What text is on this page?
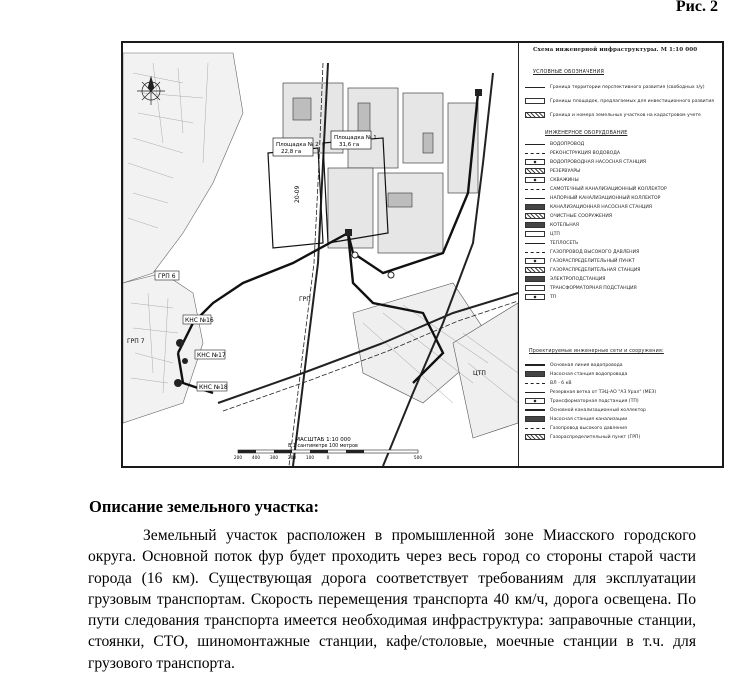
Рис. 2
Площадка № 2
22,8 га
Площадка № 1
31,6 га
ГРП 6
КНС №16
ГРП 7
КНС №17
КНС №18
ГРП
ЦТП
20-09
МАСШТАБ 1:10 000
В 1 сантиметре 100 метров
200 400 300 200 100	0	500
Схема инженерной инфраструктуры. М 1:10 000
УСЛОВНЫЕ ОБОЗНАЧЕНИЯ
Граница территории перспективного развития (свободных з/у)
Границы площадок, предлагаемых для инвестиционного развития
Граница и номера земельных участков на кадастровом учете
ИНЖЕНЕРНОЕ ОБОРУДОВАНИЕ
ВОДОПРОВОД
РЕКОНСТРУКЦИЯ ВОДОВОДА
ВОДОПРОВОДНАЯ НАСОСНАЯ СТАНЦИЯ
РЕЗЕРВУАРЫ
СКВАЖИНЫ
САМОТЕЧНЫЙ КАНАЛИЗАЦИОННЫЙ КОЛЛЕКТОР
НАПОРНЫЙ КАНАЛИЗАЦИОННЫЙ КОЛЛЕКТОР
КАНАЛИЗАЦИОННАЯ НАСОСНАЯ СТАНЦИЯ
ОЧИСТНЫЕ СООРУЖЕНИЯ
КОТЕЛЬНАЯ
ЦТП
ТЕПЛОСЕТЬ
ГАЗОПРОВОД ВЫСОКОГО ДАВЛЕНИЯ
ГАЗОРАСПРЕДЕЛИТЕЛЬНЫЙ ПУНКТ
ГАЗОРАСПРЕДЕЛИТЕЛЬНАЯ СТАНЦИЯ
ЭЛЕКТРОПОДСТАНЦИЯ
ТРАНСФОРМАТОРНАЯ ПОДСТАНЦИЯ
ТП
Проектируемые инженерные сети и сооружения:
Основная линия водопровода
Насосная станция водопровода
ВЛ - 6 кВ
Резервная ветка от ТЭЦ-АО "АЗ Урал" (МЕЗ)
Трансформаторная подстанция (ТП)
Основной канализационный коллектор
Насосная станция канализации
Газопровод высокого давления
Газораспределительный пункт (ГРП)
Описание земельного участка:
Земельный участок расположен в промышленной зоне Миасского городского округа. Основной поток фур будет проходить через весь город со стороны старой части города (16 км). Существующая дорога соответствует требованиям для эксплуатации грузовым транспортам. Скорость перемещения транспорта 40 км/ч, дорога освещена. По пути следования транспорта имеется необходимая инфраструктура: заправочные станции, стоянки, СТО, шиномонтажные станции, кафе/столовые, моечные станции в т.ч. для грузового транспорта.
